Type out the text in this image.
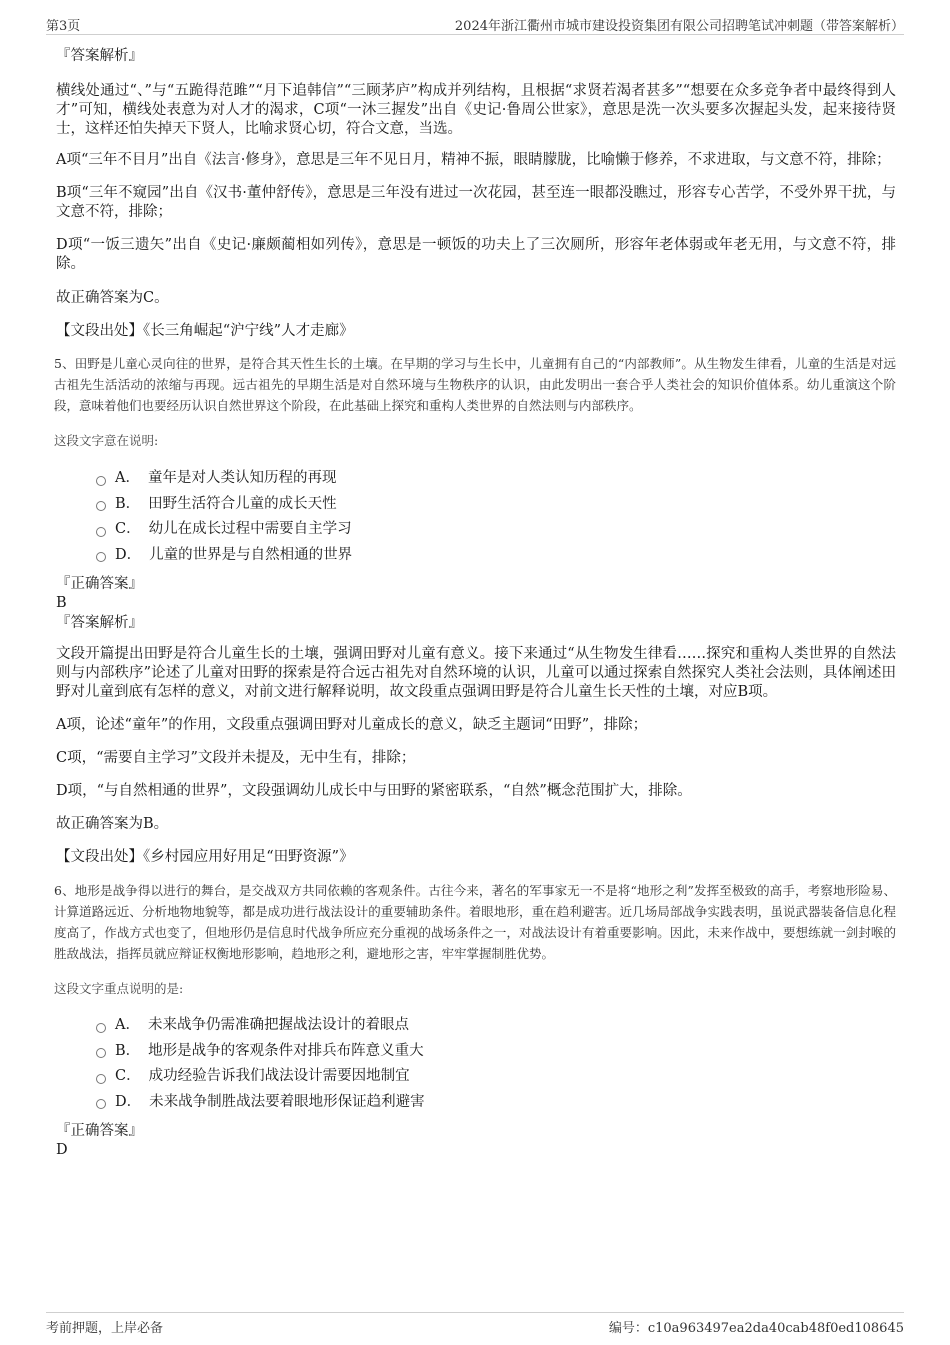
第3页	2024年浙江衢州市城市建设投资集团有限公司招聘笔试冲刺题（带答案解析）

『答案解析』

横线处通过“、”与“五跪得范雎”“月下追韩信”“三顾茅庐”构成并列结构，且根据“求贤若渴者甚多”“想要在众多竞争者中最终得到人才”可知，横线处表意为对人才的渴求，C项“一沐三握发”出自《史记·鲁周公世家》，意思是洗一次头要多次握起头发，起来接待贤士，这样还怕失掉天下贤人，比喻求贤心切，符合文意，当选。

A项“三年不目月”出自《法言·修身》，意思是三年不见日月，精神不振，眼睛朦胧，比喻懒于修养，不求进取，与文意不符，排除；

B项“三年不窥园”出自《汉书·董仲舒传》，意思是三年没有进过一次花园，甚至连一眼都没瞧过，形容专心苦学，不受外界干扰，与文意不符，排除；

D项“一饭三遗矢”出自《史记·廉颇蔺相如列传》，意思是一顿饭的功夫上了三次厕所，形容年老体弱或年老无用，与文意不符，排除。

故正确答案为C。

【文段出处】《长三角崛起“沪宁线”人才走廊》

5、田野是儿童心灵向往的世界，是符合其天性生长的土壤。在早期的学习与生长中，儿童拥有自己的“内部教师”。从生物发生律看，儿童的生活是对远古祖先生活活动的浓缩与再现。远古祖先的早期生活是对自然环境与生物秩序的认识，由此发明出一套合乎人类社会的知识价值体系。幼儿重演这个阶段，意味着他们也要经历认识自然世界这个阶段，在此基础上探究和重构人类世界的自然法则与内部秩序。

这段文字意在说明:

A． 童年是对人类认知历程的再现
B． 田野生活符合儿童的成长天性
C． 幼儿在成长过程中需要自主学习
D． 儿童的世界是与自然相通的世界

『正确答案』

B

『答案解析』

文段开篇提出田野是符合儿童生长的土壤，强调田野对儿童有意义。接下来通过“从生物发生律看……探究和重构人类世界的自然法则与内部秩序”论述了儿童对田野的探索是符合远古祖先对自然环境的认识，儿童可以通过探索自然探究人类社会法则，具体阐述田野对儿童到底有怎样的意义，对前文进行解释说明，故文段重点强调田野是符合儿童生长天性的土壤，对应B项。

A项，论述“童年”的作用，文段重点强调田野对儿童成长的意义，缺乏主题词“田野”，排除；

C项，“需要自主学习”文段并未提及，无中生有，排除；

D项，“与自然相通的世界”，文段强调幼儿成长中与田野的紧密联系，“自然”概念范围扩大，排除。

故正确答案为B。

【文段出处】《乡村园应用好用足“田野资源”》

6、地形是战争得以进行的舞台，是交战双方共同依赖的客观条件。古往今来，著名的军事家无一不是将“地形之利”发挥至极致的高手，考察地形险易、计算道路远近、分析地物地貌等，都是成功进行战法设计的重要辅助条件。着眼地形，重在趋利避害。近几场局部战争实践表明，虽说武器装备信息化程度高了，作战方式也变了，但地形仍是信息时代战争所应充分重视的战场条件之一，对战法设计有着重要影响。因此，未来作战中，要想练就一剑封喉的胜敌战法，指挥员就应辩证权衡地形影响，趋地形之利，避地形之害，牢牢掌握制胜优势。

这段文字重点说明的是:

A． 未来战争仍需准确把握战法设计的着眼点
B． 地形是战争的客观条件对排兵布阵意义重大
C． 成功经验告诉我们战法设计需要因地制宜
D． 未来战争制胜战法要着眼地形保证趋利避害

『正确答案』

D

考前押题，上岸必备	编号：c10a963497ea2da40cab48f0ed108645
